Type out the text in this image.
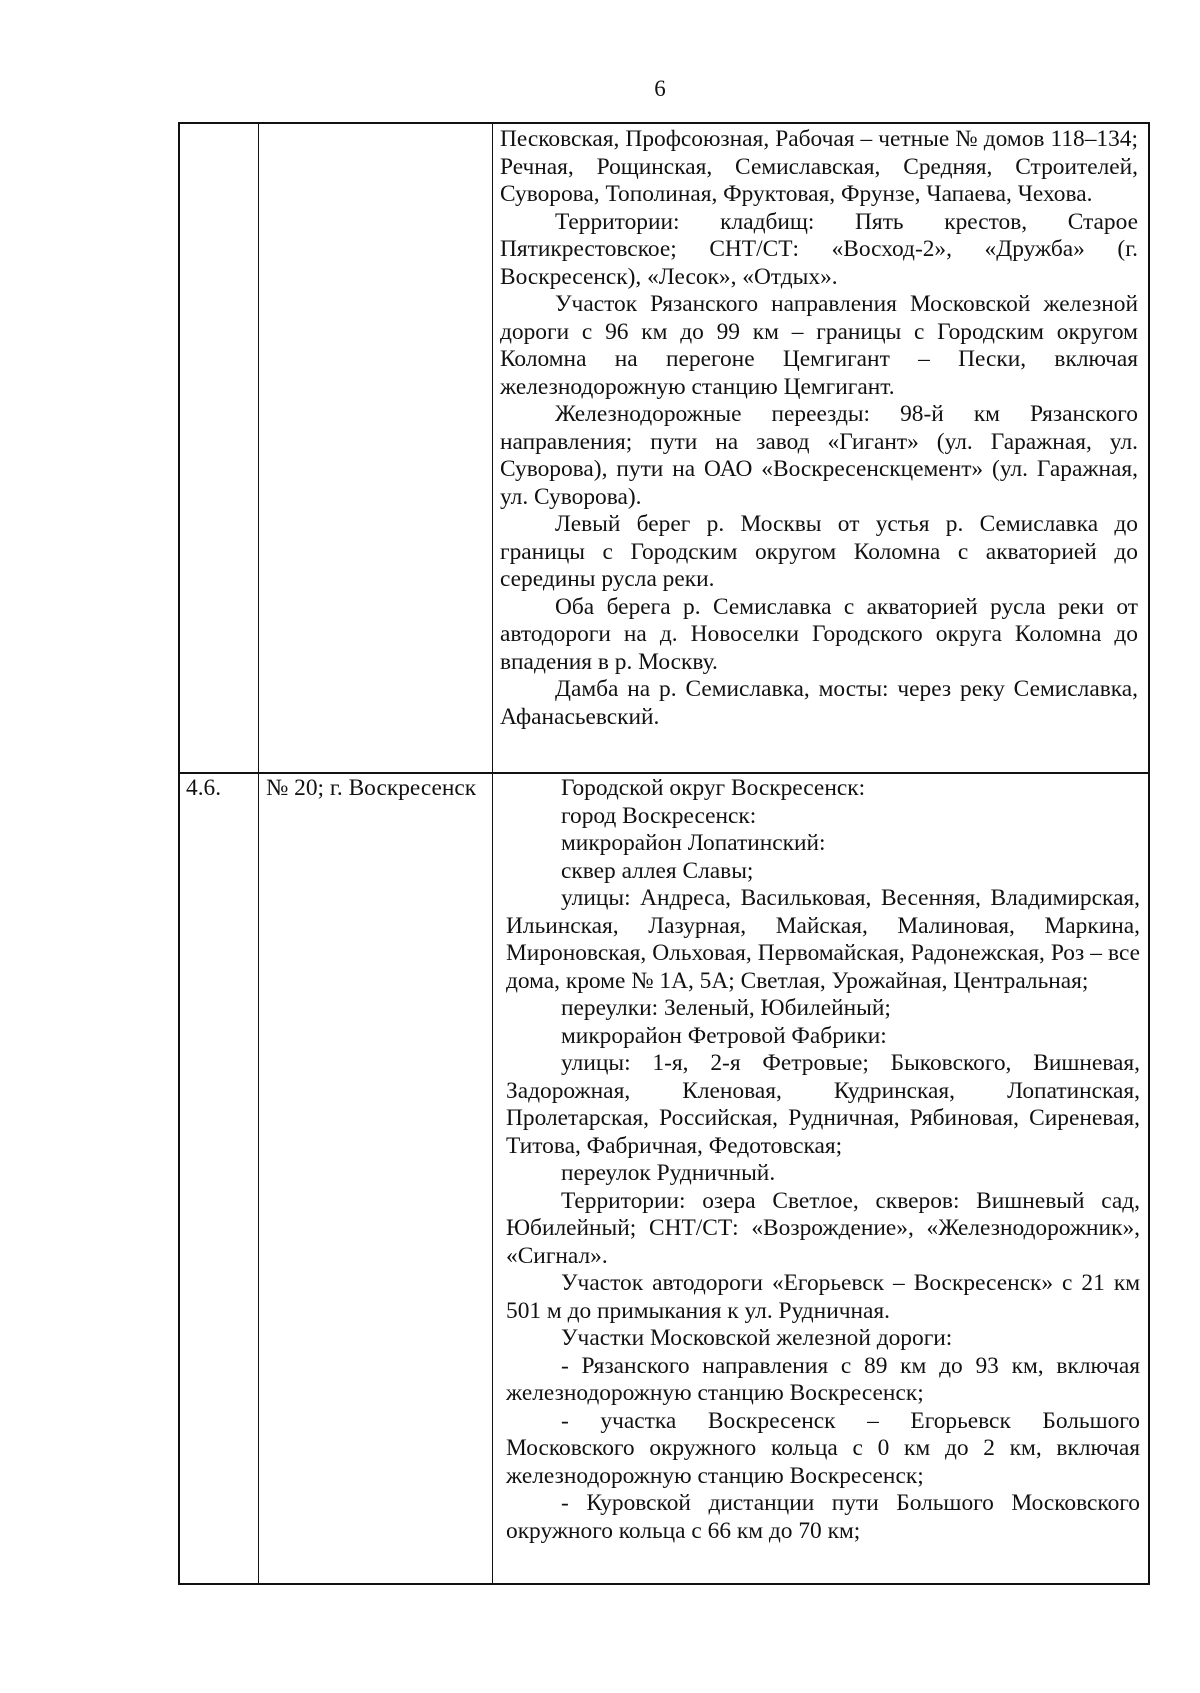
6

Песковская, Профсоюзная, Рабочая – четные № домов 118–134; Речная, Рощинская, Семиславская, Средняя, Строителей, Суворова, Тополиная, Фруктовая, Фрунзе, Чапаева, Чехова.

Территории: кладбищ: Пять крестов, Старое Пятикрестовское; СНТ/СТ: «Восход-2», «Дружба» (г. Воскресенск), «Лесок», «Отдых».

Участок Рязанского направления Московской железной дороги с 96 км до 99 км – границы с Городским округом Коломна на перегоне Цемгигант – Пески, включая железнодорожную станцию Цемгигант.

Железнодорожные переезды: 98-й км Рязанского направления; пути на завод «Гигант» (ул. Гаражная, ул. Суворова), пути на ОАО «Воскресенскцемент» (ул. Гаражная, ул. Суворова).

Левый берег р. Москвы от устья р. Семиславка до границы с Городским округом Коломна с акваторией до середины русла реки.

Оба берега р. Семиславка с акваторией русла реки от автодороги на д. Новоселки Городского округа Коломна до впадения в р. Москву.

Дамба на р. Семиславка, мосты: через реку Семиславка, Афанасьевский.

4.6.	№ 20; г. Воскресенск	Городской округ Воскресенск:

город Воскресенск:

микрорайон Лопатинский:

сквер аллея Славы;

улицы: Андреса, Васильковая, Весенняя, Владимирская, Ильинская, Лазурная, Майская, Малиновая, Маркина, Мироновская, Ольховая, Первомайская, Радонежская, Роз – все дома, кроме № 1А, 5А; Светлая, Урожайная, Центральная;

переулки: Зеленый, Юбилейный;

микрорайон Фетровой Фабрики:

улицы: 1-я, 2-я Фетровые; Быковского, Вишневая, Задорожная, Кленовая, Кудринская, Лопатинская, Пролетарская, Российская, Рудничная, Рябиновая, Сиреневая, Титова, Фабричная, Федотовская;

переулок Рудничный.

Территории: озера Светлое, скверов: Вишневый сад, Юбилейный; СНТ/СТ: «Возрождение», «Железнодорожник», «Сигнал».

Участок автодороги «Егорьевск – Воскресенск» с 21 км 501 м до примыкания к ул. Рудничная.

Участки Московской железной дороги:

- Рязанского направления с 89 км до 93 км, включая железнодорожную станцию Воскресенск;

- участка Воскресенск – Егорьевск Большого Московского окружного кольца с 0 км до 2 км, включая железнодорожную станцию Воскресенск;

- Куровской дистанции пути Большого Московского окружного кольца с 66 км до 70 км;
